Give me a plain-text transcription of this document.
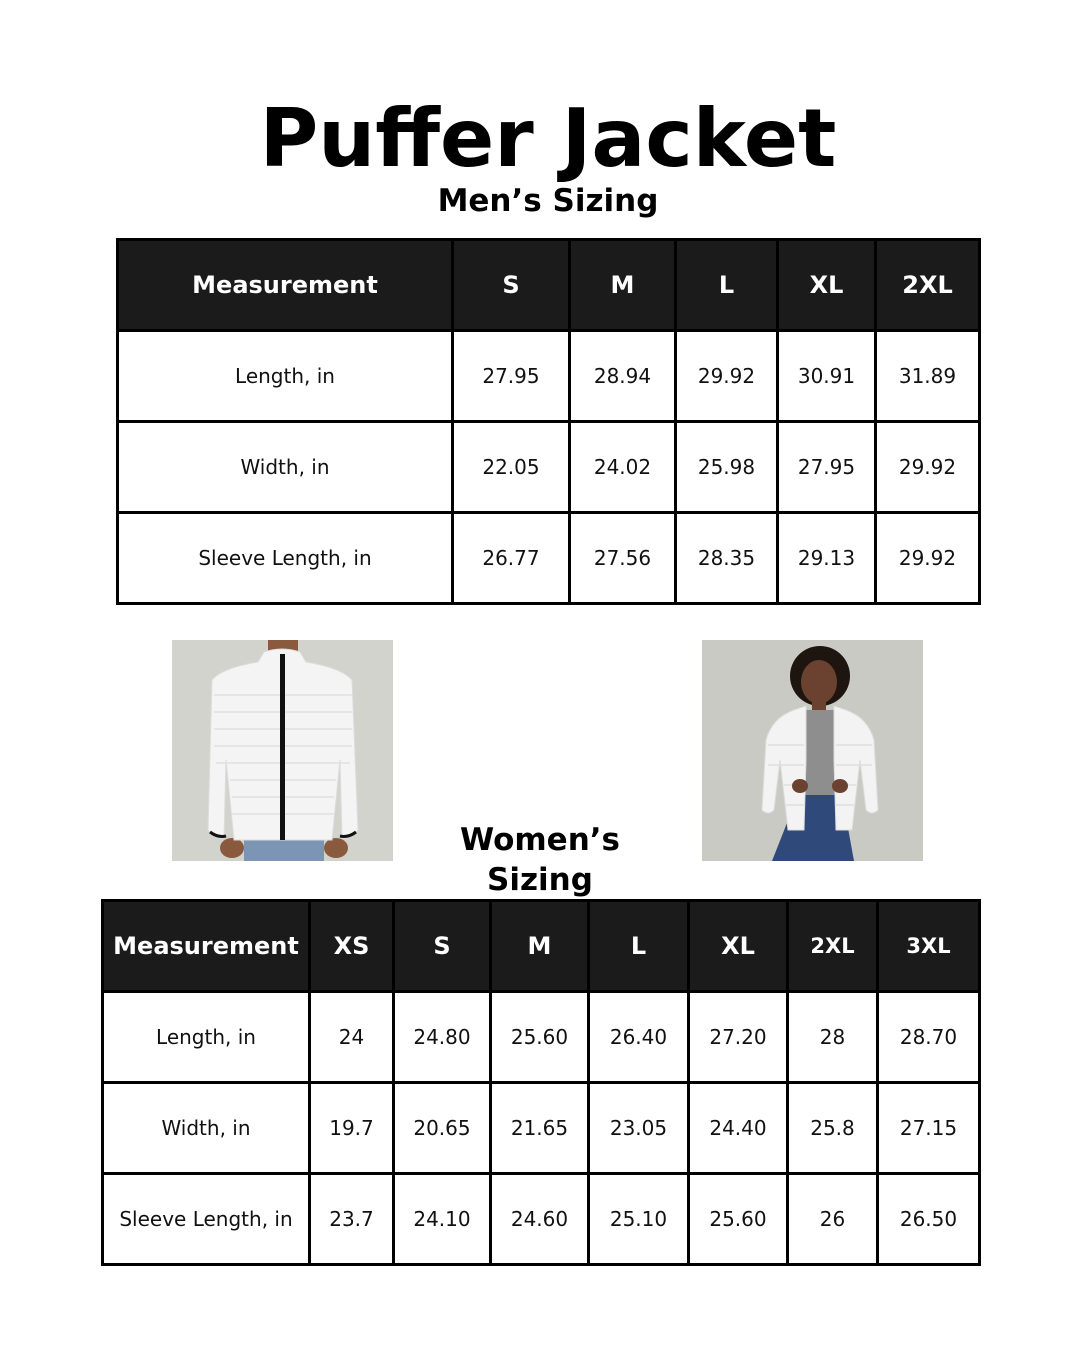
Puffer Jacket
Men’s Sizing
Measurement	S	M	L	XL	2XL
Length, in	27.95	28.94	29.92	30.91	31.89
Width, in	22.05	24.02	25.98	27.95	29.92
Sleeve Length, in	26.77	27.56	28.35	29.13	29.92
Women’s Sizing
Measurement	XS	S	M	L	XL	2XL	3XL
Length, in	24	24.80	25.60	26.40	27.20	28	28.70
Width, in	19.7	20.65	21.65	23.05	24.40	25.8	27.15
Sleeve Length, in	23.7	24.10	24.60	25.10	25.60	26	26.50
